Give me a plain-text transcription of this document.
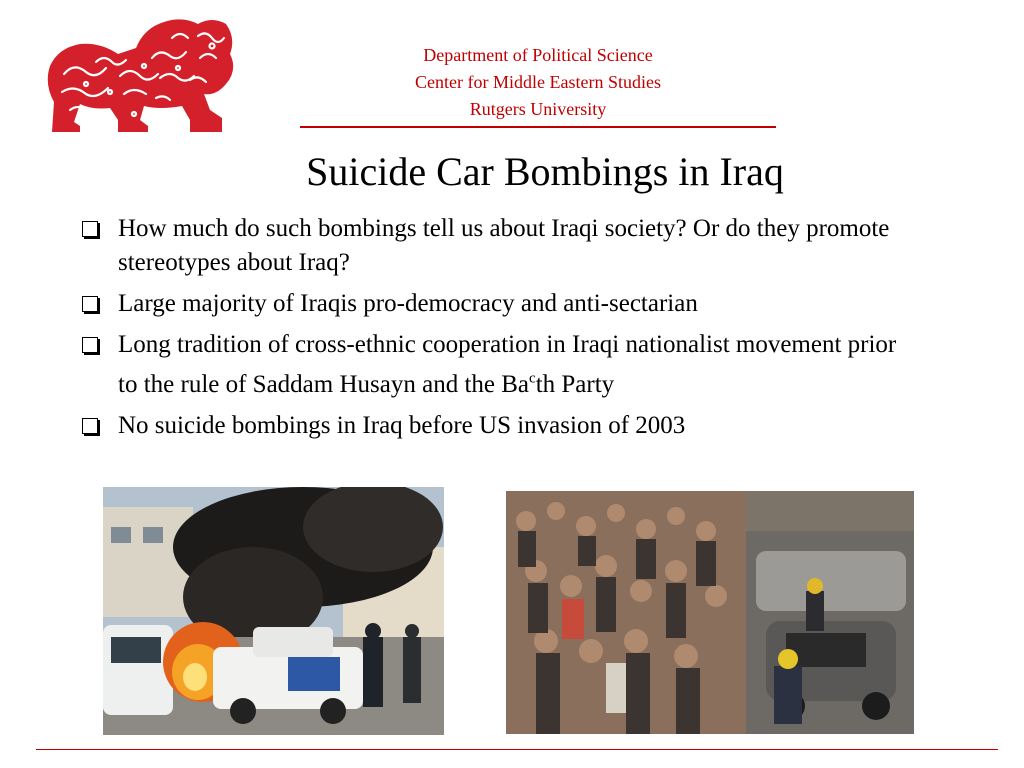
Department of Political Science
Center for Middle Eastern Studies
Rutgers University
Suicide Car Bombings in Iraq
How much do such bombings tell us about Iraqi society? Or do they promote stereotypes about Iraq?
Large majority of Iraqis pro-democracy and anti-sectarian
Long tradition of cross-ethnic cooperation in Iraqi nationalist movement prior to the rule of Saddam Husayn and the Ba$^c$th Party
No suicide bombings in Iraq before US invasion of 2003
